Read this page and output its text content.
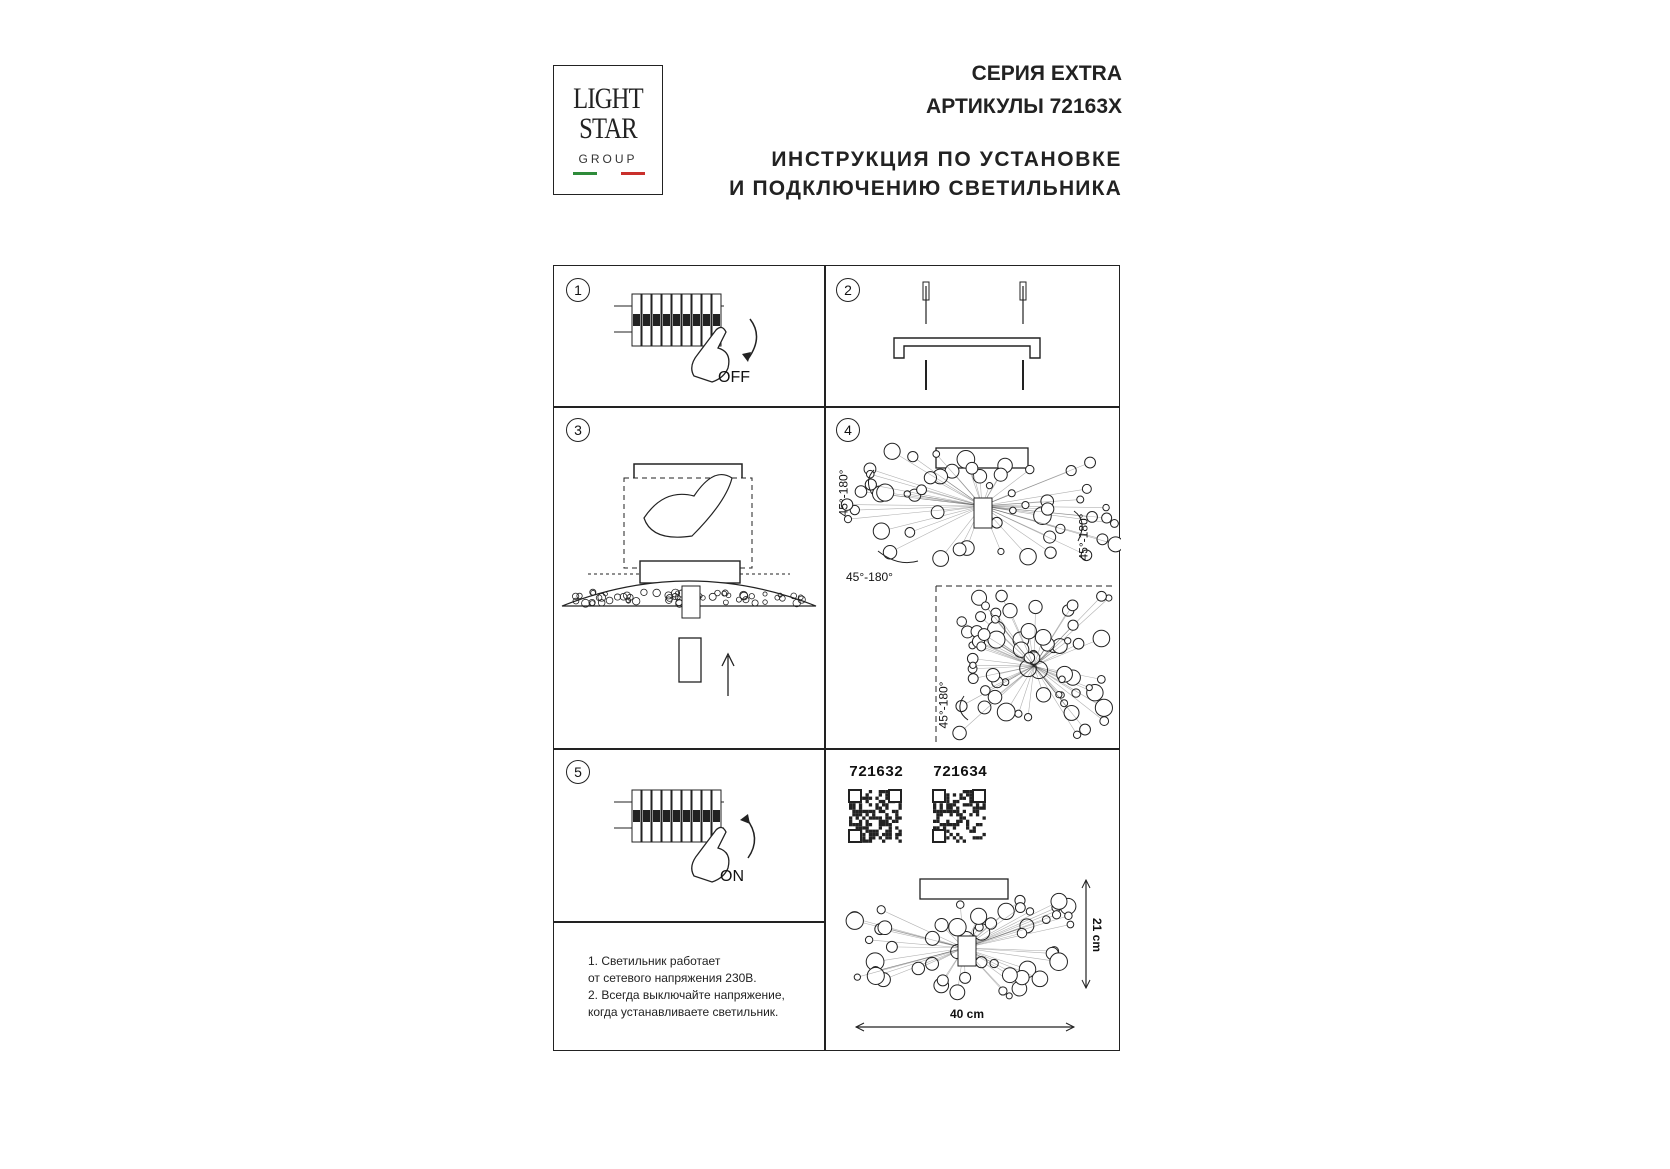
LIGHT
STAR
GROUP
СЕРИЯ EXTRA
АРТИКУЛЫ 72163X
ИНСТРУКЦИЯ ПО УСТАНОВКЕ
И ПОДКЛЮЧЕНИЮ СВЕТИЛЬНИКА
1
OFF
2
3	4
45°-180°
45°-180°
45°-180°
45°-180°
5
ON
1. Светильник работает
от сетевого напряжения 230В.
2. Всегда выключайте напряжение,
когда устанавливаете светильник.
721632 721634
21 cm
40 cm
